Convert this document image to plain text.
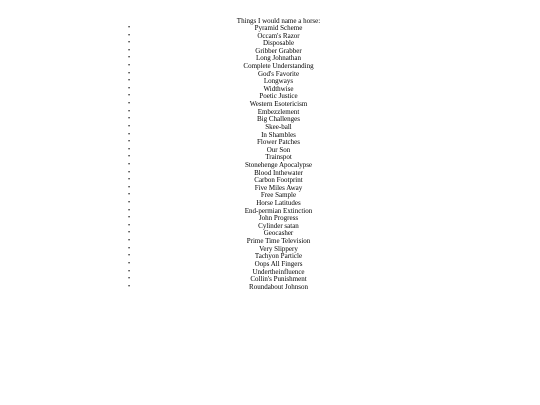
Things I would name a horse:
•	Pyramid Scheme
•	Occam's Razor
•	Disposable
•	Gribber Grabber
•	Long Johnathan
•	Complete Understanding
•	God's Favorite
•	Longways
•	Widthwise
•	Poetic Justice
•	Western Esotericism
•	Embezzlement
•	Big Challenges
•	Skee-ball
•	In Shambles
•	Flower Patches
•	Our Son
•	Trainspot
•	Stonehenge Apocalypse
•	Blood Inthewater
•	Carbon Footprint
•	Five Miles Away
•	Free Sample
•	Horse Latitudes
•	End-permian Extinction
•	John Progress
•	Cylinder satan
•	Geocasher
•	Prime Time Television
•	Very Slippery
•	Tachyon Particle
•	Oops All Fingers
•	Undertheinfluence
•	Collin's Punishment
•	Roundabout Johnson
